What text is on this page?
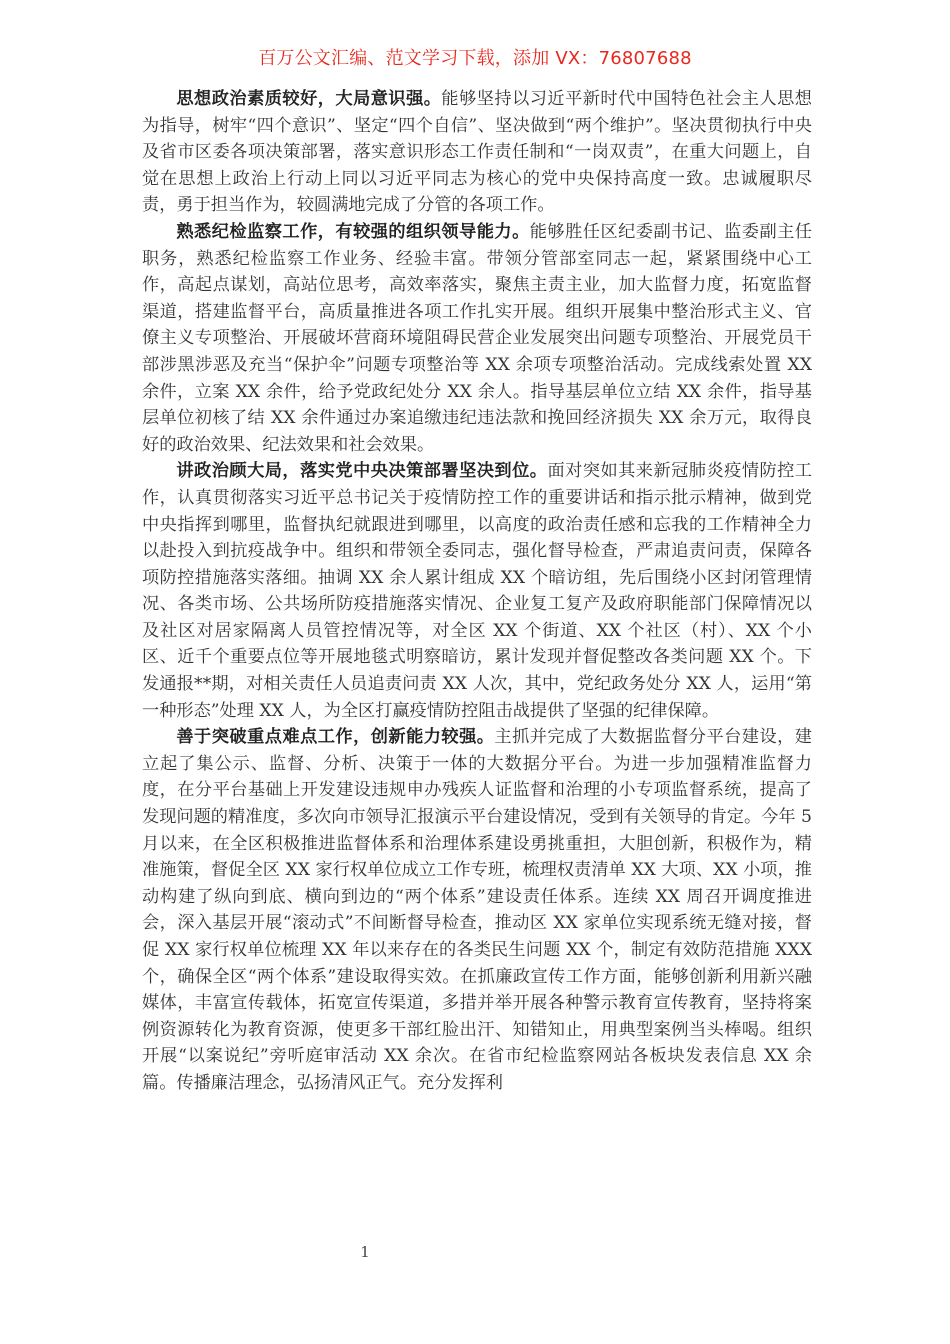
百万公文汇编、范文学习下载，添加 VX：76807688

思想政治素质较好，大局意识强。能够坚持以习近平新时代中国特色社会主人思想为指导，树牢“四个意识”、坚定“四个自信”、坚决做到“两个维护”。坚决贯彻执行中央及省市区委各项决策部署，落实意识形态工作责任制和“一岗双责”，在重大问题上，自觉在思想上政治上行动上同以习近平同志为核心的党中央保持高度一致。忠诚履职尽责，勇于担当作为，较圆满地完成了分管的各项工作。

熟悉纪检监察工作，有较强的组织领导能力。能够胜任区纪委副书记、监委副主任职务，熟悉纪检监察工作业务、经验丰富。带领分管部室同志一起，紧紧围绕中心工作，高起点谋划，高站位思考，高效率落实，聚焦主责主业，加大监督力度，拓宽监督渠道，搭建监督平台，高质量推进各项工作扎实开展。组织开展集中整治形式主义、官僚主义专项整治、开展破坏营商环境阻碍民营企业发展突出问题专项整治、开展党员干部涉黑涉恶及充当“保护伞”问题专项整治等 XX 余项专项整治活动。完成线索处置 XX 余件，立案 XX 余件，给予党政纪处分 XX 余人。指导基层单位立结 XX 余件，指导基层单位初核了结 XX 余件通过办案追缴违纪违法款和挽回经济损失 XX 余万元，取得良好的政治效果、纪法效果和社会效果。

讲政治顾大局，落实党中央决策部署坚决到位。面对突如其来新冠肺炎疫情防控工作，认真贯彻落实习近平总书记关于疫情防控工作的重要讲话和指示批示精神，做到党中央指挥到哪里，监督执纪就跟进到哪里，以高度的政治责任感和忘我的工作精神全力以赴投入到抗疫战争中。组织和带领全委同志，强化督导检查，严肃追责问责，保障各项防控措施落实落细。抽调 XX 余人累计组成 XX 个暗访组，先后围绕小区封闭管理情况、各类市场、公共场所防疫措施落实情况、企业复工复产及政府职能部门保障情况以及社区对居家隔离人员管控情况等，对全区 XX 个街道、XX 个社区（村）、XX 个小区、近千个重要点位等开展地毯式明察暗访，累计发现并督促整改各类问题 XX 个。下发通报**期，对相关责任人员追责问责 XX 人次，其中，党纪政务处分 XX 人，运用“第一种形态”处理 XX 人，为全区打赢疫情防控阻击战提供了坚强的纪律保障。

善于突破重点难点工作，创新能力较强。主抓并完成了大数据监督分平台建设，建立起了集公示、监督、分析、决策于一体的大数据分平台。为进一步加强精准监督力度，在分平台基础上开发建设违规申办残疾人证监督和治理的小专项监督系统，提高了发现问题的精准度，多次向市领导汇报演示平台建设情况，受到有关领导的肯定。今年 5 月以来，在全区积极推进监督体系和治理体系建设勇挑重担，大胆创新，积极作为，精准施策，督促全区 XX 家行权单位成立工作专班，梳理权责清单 XX 大项、XX 小项，推动构建了纵向到底、横向到边的“两个体系”建设责任体系。连续 XX 周召开调度推进会，深入基层开展“滚动式”不间断督导检查，推动区 XX 家单位实现系统无缝对接，督促 XX 家行权单位梳理 XX 年以来存在的各类民生问题 XX 个，制定有效防范措施 XXX 个，确保全区“两个体系”建设取得实效。在抓廉政宣传工作方面，能够创新利用新兴融媒体，丰富宣传载体，拓宽宣传渠道，多措并举开展各种警示教育宣传教育，坚持将案例资源转化为教育资源，使更多干部红脸出汗、知错知止，用典型案例当头棒喝。组织开展“以案说纪”旁听庭审活动 XX 余次。在省市纪检监察网站各板块发表信息 XX 余篇。传播廉洁理念，弘扬清风正气。充分发挥利

1
